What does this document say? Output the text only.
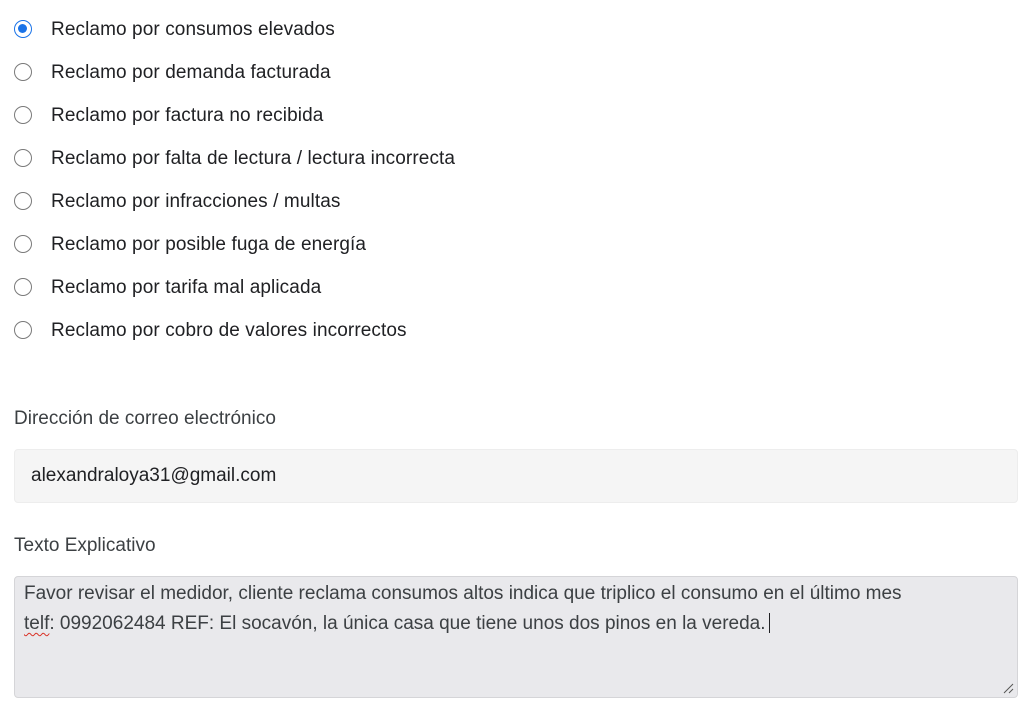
Reclamo por consumos elevados
Reclamo por demanda facturada
Reclamo por factura no recibida
Reclamo por falta de lectura / lectura incorrecta
Reclamo por infracciones / multas
Reclamo por posible fuga de energía
Reclamo por tarifa mal aplicada
Reclamo por cobro de valores incorrectos
Dirección de correo electrónico
alexandraloya31@gmail.com
Texto Explicativo
Favor revisar el medidor, cliente reclama consumos altos indica que triplico el consumo en el último mes
telf: 0992062484 REF: El socavón, la única casa que tiene unos dos pinos en la vereda.
